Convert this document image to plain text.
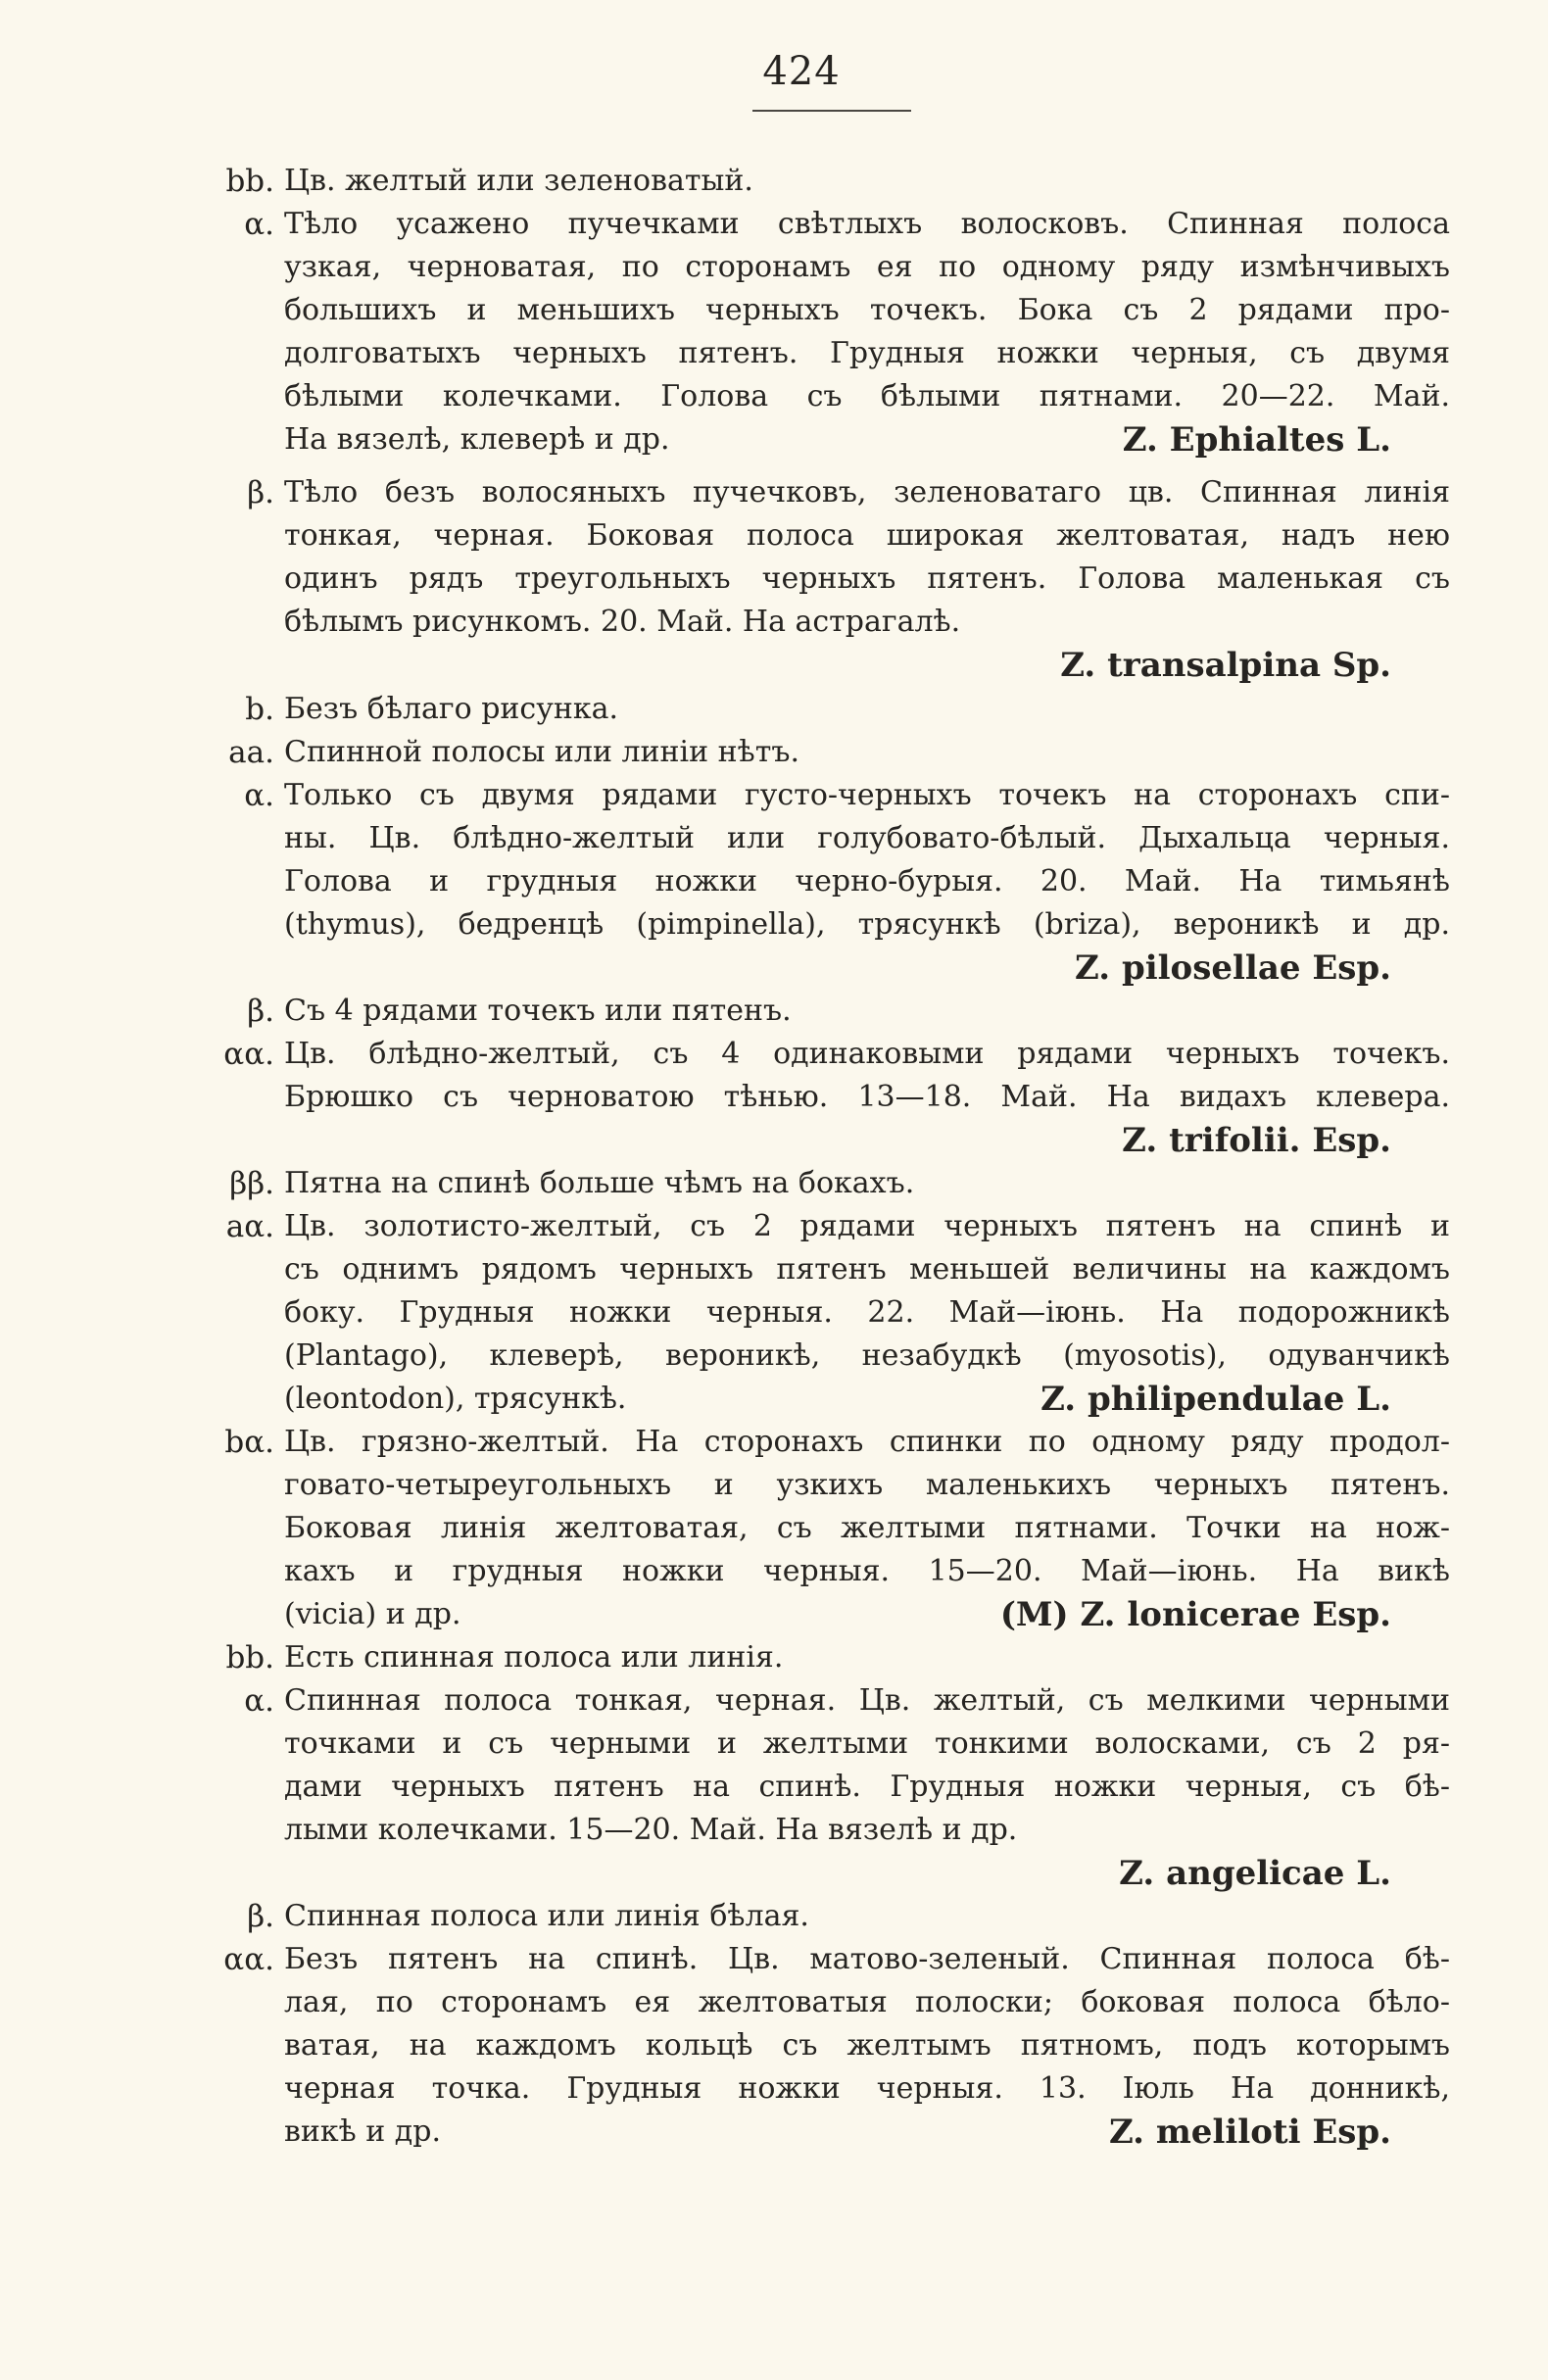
424
bb. Цв. желтый или зеленоватый.
α. Тѣло усажено пучечками свѣтлыхъ волосковъ. Спинная полоса
узкая, черноватая, по сторонамъ ея по одному ряду измѣнчивыхъ
большихъ и меньшихъ черныхъ точекъ. Бока съ 2 рядами про-
долговатыхъ черныхъ пятенъ. Грудныя ножки черныя, съ двумя
бѣлыми колечками. Голова съ бѣлыми пятнами. 20—22. Май.
На вязелѣ, клеверѣ и др.	Z. Ephialtes L.
β. Тѣло безъ волосяныхъ пучечковъ, зеленоватаго цв. Спинная линія
тонкая, черная. Боковая полоса широкая желтоватая, надъ нею
одинъ рядъ треугольныхъ черныхъ пятенъ. Голова маленькая съ
бѣлымъ рисункомъ. 20. Май. На астрагалѣ.
Z. transalpina Sp.
b. Безъ бѣлаго рисунка.
aa. Спинной полосы или линіи нѣтъ.
α. Только съ двумя рядами густо-черныхъ точекъ на сторонахъ спи-
ны. Цв. блѣдно-желтый или голубовато-бѣлый. Дыхальца черныя.
Голова и грудныя ножки черно-бурыя. 20. Май. На тимьянѣ
(thymus), бедренцѣ (pimpinella), трясункѣ (briza), вероникѣ и др.
Z. pilosellae Esp.
β. Съ 4 рядами точекъ или пятенъ.
αα. Цв. блѣдно-желтый, съ 4 одинаковыми рядами черныхъ точекъ.
Брюшко съ черноватою тѣнью. 13—18. Май. На видахъ клевера.
Z. trifolii. Esp.
ββ. Пятна на спинѣ больше чѣмъ на бокахъ.
aα. Цв. золотисто-желтый, съ 2 рядами черныхъ пятенъ на спинѣ и
съ однимъ рядомъ черныхъ пятенъ меньшей величины на каждомъ
боку. Грудныя ножки черныя. 22. Май—іюнь. На подорожникѣ
(Plantago), клеверѣ, вероникѣ, незабудкѣ (myosotis), одуванчикѣ
(leontodon), трясункѣ.	Z. philipendulae L.
bα. Цв. грязно-желтый. На сторонахъ спинки по одному ряду продол-
говато-четыреугольныхъ и узкихъ маленькихъ черныхъ пятенъ.
Боковая линія желтоватая, съ желтыми пятнами. Точки на нож-
кахъ и грудныя ножки черныя. 15—20. Май—іюнь. На викѣ
(vicia) и др.	(M) Z. lonicerae Esp.
bb. Есть спинная полоса или линія.
α. Спинная полоса тонкая, черная. Цв. желтый, съ мелкими черными
точками и съ черными и желтыми тонкими волосками, съ 2 ря-
дами черныхъ пятенъ на спинѣ. Грудныя ножки черныя, съ бѣ-
лыми колечками. 15—20. Май. На вязелѣ и др.
Z. angelicae L.
β. Спинная полоса или линія бѣлая.
αα. Безъ пятенъ на спинѣ. Цв. матово-зеленый. Спинная полоса бѣ-
лая, по сторонамъ ея желтоватыя полоски; боковая полоса бѣло-
ватая, на каждомъ кольцѣ съ желтымъ пятномъ, подъ которымъ
черная точка. Грудныя ножки черныя. 13. Іюль На донникѣ,
викѣ и др.	Z. meliloti Esp.
